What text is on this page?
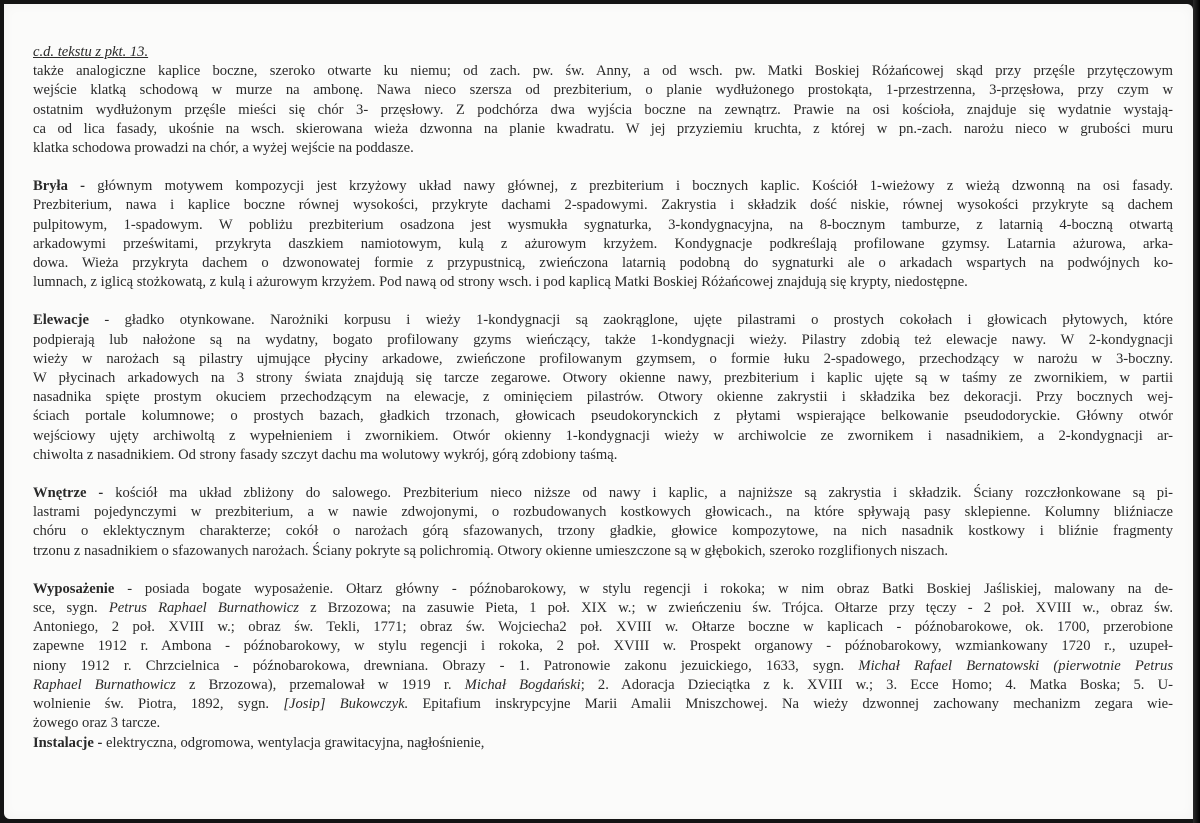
c.d. tekstu z pkt. 13.

także analogiczne kaplice boczne, szeroko otwarte ku niemu; od zach. pw. św. Anny, a od wsch. pw. Matki Boskiej Różańcowej skąd przy przęśle przytęczowym
wejście klatką schodową w murze na ambonę. Nawa nieco szersza od prezbiterium, o planie wydłużonego prostokąta, 1-przestrzenna, 3-przęsłowa, przy czym w
ostatnim wydłużonym przęśle mieści się chór 3- przęsłowy. Z podchórza dwa wyjścia boczne na zewnątrz. Prawie na osi kościoła, znajduje się wydatnie wystają-
ca od lica fasady, ukośnie na wsch. skierowana wieża dzwonna na planie kwadratu. W jej przyziemiu kruchta, z której w pn.-zach. narożu nieco w grubości muru
klatka schodowa prowadzi na chór, a wyżej wejście na poddasze.
Bryła - głównym motywem kompozycji jest krzyżowy układ nawy głównej, z prezbiterium i bocznych kaplic. Kościół 1-wieżowy z wieżą dzwonną na osi fasady.
Prezbiterium, nawa i kaplice boczne równej wysokości, przykryte dachami 2-spadowymi. Zakrystia i składzik dość niskie, równej wysokości przykryte są dachem
pulpitowym, 1-spadowym. W pobliżu prezbiterium osadzona jest wysmukła sygnaturka, 3-kondygnacyjna, na 8-bocznym tamburze, z latarnią 4-boczną otwartą
arkadowymi prześwitami, przykryta daszkiem namiotowym, kulą z ażurowym krzyżem. Kondygnacje podkreślają profilowane gzymsy. Latarnia ażurowa, arka-
dowa. Wieża przykryta dachem o dzwonowatej formie z przypustnicą, zwieńczona latarnią podobną do sygnaturki ale o arkadach wspartych na podwójnych ko-
lumnach, z iglicą stożkowatą, z kulą i ażurowym krzyżem. Pod nawą od strony wsch. i pod kaplicą Matki Boskiej Różańcowej znajdują się krypty, niedostępne.
Elewacje - gładko otynkowane. Narożniki korpusu i wieży 1-kondygnacji są zaokrąglone, ujęte pilastrami o prostych cokołach i głowicach płytowych, które
podpierają lub nałożone są na wydatny, bogato profilowany gzyms wieńczący, także 1-kondygnacji wieży. Pilastry zdobią też elewacje nawy. W 2-kondygnacji
wieży w narożach są pilastry ujmujące płyciny arkadowe, zwieńczone profilowanym gzymsem, o formie łuku 2-spadowego, przechodzący w narożu w 3-boczny.
W płycinach arkadowych na 3 strony świata znajdują się tarcze zegarowe. Otwory okienne nawy, prezbiterium i kaplic ujęte są w taśmy ze zwornikiem, w partii
nasadnika spięte prostym okuciem przechodzącym na elewacje, z ominięciem pilastrów. Otwory okienne zakrystii i składzika bez dekoracji. Przy bocznych wej-
ściach portale kolumnowe; o prostych bazach, gładkich trzonach, głowicach pseudokorynckich z płytami wspierające belkowanie pseudodoryckie. Główny otwór
wejściowy ujęty archiwoltą z wypełnieniem i zwornikiem. Otwór okienny 1-kondygnacji wieży w archiwolcie ze zwornikem i nasadnikiem, a 2-kondygnacji ar-
chiwolta z nasadnikiem. Od strony fasady szczyt dachu ma wolutowy wykrój, górą zdobiony taśmą.
Wnętrze - kościół ma układ zbliżony do salowego. Prezbiterium nieco niższe od nawy i kaplic, a najniższe są zakrystia i składzik. Ściany rozczłonkowane są pi-
lastrami pojedynczymi w prezbiterium, a w nawie zdwojonymi, o rozbudowanych kostkowych głowicach., na które spływają pasy sklepienne. Kolumny bliźniacze
chóru o eklektycznym charakterze; cokół o narożach górą sfazowanych, trzony gładkie, głowice kompozytowe, na nich nasadnik kostkowy i bliźnie fragmenty
trzonu z nasadnikiem o sfazowanych narożach. Ściany pokryte są polichromią. Otwory okienne umieszczone są w głębokich, szeroko rozglifionych niszach.
Wyposażenie - posiada bogate wyposażenie. Ołtarz główny - późnobarokowy, w stylu regencji i rokoka; w nim obraz Batki Boskiej Jaśliskiej, malowany na de-
sce, sygn. Petrus Raphael Burnathowicz z Brzozowa; na zasuwie Pieta, 1 poł. XIX w.; w zwieńczeniu św. Trójca. Ołtarze przy tęczy - 2 poł. XVIII w., obraz św.
Antoniego, 2 poł. XVIII w.; obraz św. Tekli, 1771; obraz św. Wojciecha2 poł. XVIII w. Ołtarze boczne w kaplicach - późnobarokowe, ok. 1700, przerobione
zapewne 1912 r. Ambona - późnobarokowy, w stylu regencji i rokoka, 2 poł. XVIII w. Prospekt organowy - późnobarokowy, wzmiankowany 1720 r., uzupeł-
niony 1912 r. Chrzcielnica - późnobarokowa, drewniana. Obrazy - 1. Patronowie zakonu jezuickiego, 1633, sygn. Michał Rafael Bernatowski (pierwotnie Petrus
Raphael Burnathowicz z Brzozowa), przemalował w 1919 r. Michał Bogdański; 2. Adoracja Dzieciątka z k. XVIII w.; 3. Ecce Homo; 4. Matka Boska; 5. U-
wolnienie św. Piotra, 1892, sygn. [Josip] Bukowczyk. Epitafium inskrypcyjne Marii Amalii Mniszchowej. Na wieży dzwonnej zachowany mechanizm zegara wie-
żowego oraz 3 tarcze.
Instalacje - elektryczna, odgromowa, wentylacja grawitacyjna, nagłośnienie,
